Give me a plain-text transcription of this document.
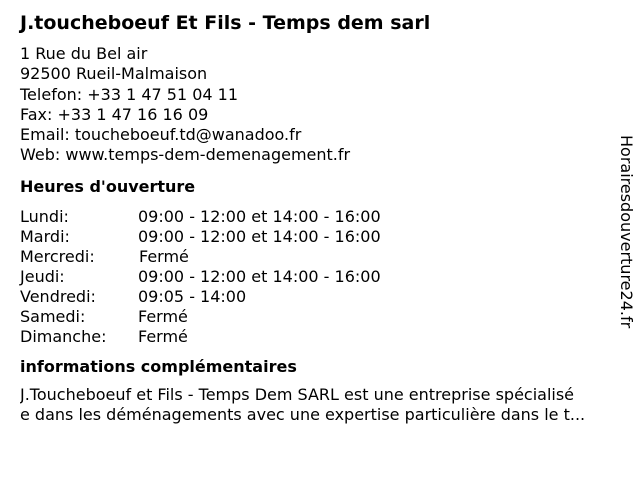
J.toucheboeuf Et Fils - Temps dem sarl
1 Rue du Bel air
92500 Rueil-Malmaison
Telefon: +33 1 47 51 04 11
Fax: +33 1 47 16 16 09
Email: toucheboeuf.td@wanadoo.fr
Web: www.temps-dem-demenagement.fr
Heures d'ouverture
Lundi:	09:00 - 12:00 et 14:00 - 16:00
Mardi:	09:00 - 12:00 et 14:00 - 16:00
Mercredi:	Fermé
Jeudi:	09:00 - 12:00 et 14:00 - 16:00
Vendredi:	09:05 - 14:00
Samedi:	Fermé
Dimanche: Fermé
informations complémentaires
J.Toucheboeuf et Fils - Temps Dem SARL est une entreprise spécialisé
e dans les déménagements avec une expertise particulière dans le t...
Horairesdouverture24.fr
